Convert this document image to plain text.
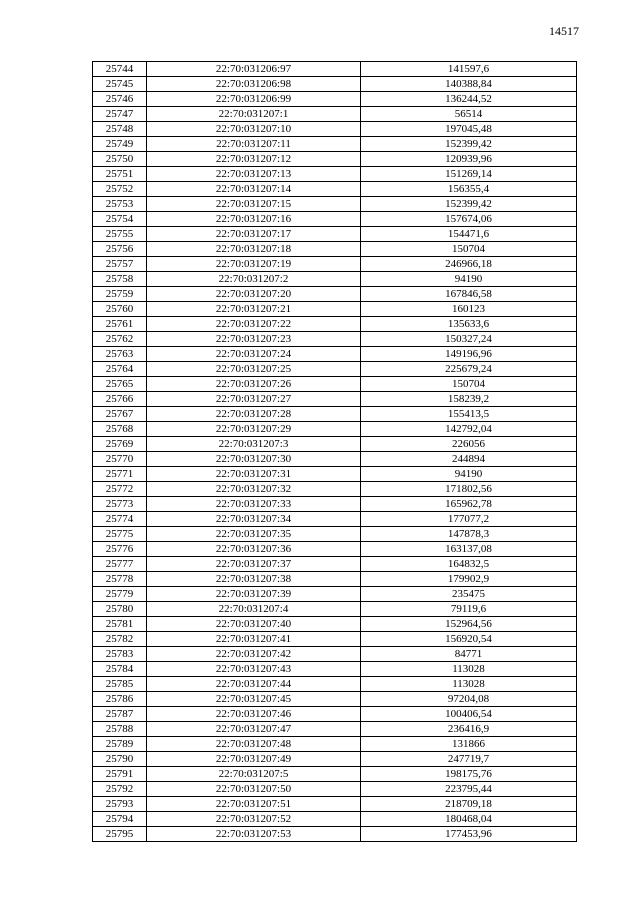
14517
25744	22:70:031206:97	141597,6
25745	22:70:031206:98	140388,84
25746	22:70:031206:99	136244,52
25747	22:70:031207:1	56514
25748	22:70:031207:10	197045,48
25749	22:70:031207:11	152399,42
25750	22:70:031207:12	120939,96
25751	22:70:031207:13	151269,14
25752	22:70:031207:14	156355,4
25753	22:70:031207:15	152399,42
25754	22:70:031207:16	157674,06
25755	22:70:031207:17	154471,6
25756	22:70:031207:18	150704
25757	22:70:031207:19	246966,18
25758	22:70:031207:2	94190
25759	22:70:031207:20	167846,58
25760	22:70:031207:21	160123
25761	22:70:031207:22	135633,6
25762	22:70:031207:23	150327,24
25763	22:70:031207:24	149196,96
25764	22:70:031207:25	225679,24
25765	22:70:031207:26	150704
25766	22:70:031207:27	158239,2
25767	22:70:031207:28	155413,5
25768	22:70:031207:29	142792,04
25769	22:70:031207:3	226056
25770	22:70:031207:30	244894
25771	22:70:031207:31	94190
25772	22:70:031207:32	171802,56
25773	22:70:031207:33	165962,78
25774	22:70:031207:34	177077,2
25775	22:70:031207:35	147878,3
25776	22:70:031207:36	163137,08
25777	22:70:031207:37	164832,5
25778	22:70:031207:38	179902,9
25779	22:70:031207:39	235475
25780	22:70:031207:4	79119,6
25781	22:70:031207:40	152964,56
25782	22:70:031207:41	156920,54
25783	22:70:031207:42	84771
25784	22:70:031207:43	113028
25785	22:70:031207:44	113028
25786	22:70:031207:45	97204,08
25787	22:70:031207:46	100406,54
25788	22:70:031207:47	236416,9
25789	22:70:031207:48	131866
25790	22:70:031207:49	247719,7
25791	22:70:031207:5	198175,76
25792	22:70:031207:50	223795,44
25793	22:70:031207:51	218709,18
25794	22:70:031207:52	180468,04
25795	22:70:031207:53	177453,96
